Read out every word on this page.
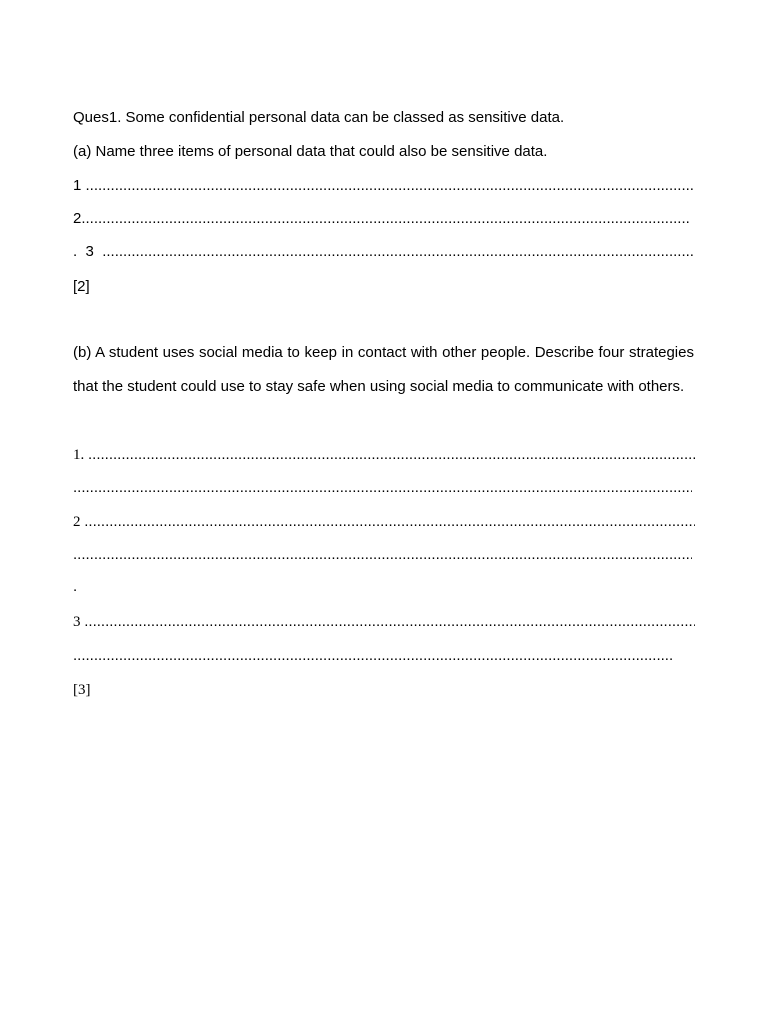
Ques1. Some confidential personal data can be classed as sensitive data.

(a) Name three items of personal data that could also be sensitive data.

1
.....
2.
.....
.  3
.....

[2]

(b) A student uses social media to keep in contact with other people. Describe four strategies that the student could use to stay safe when using social media to communicate with others.

1.
.....
.....
2
.....
.....

.

3
.....
.....

[3]
